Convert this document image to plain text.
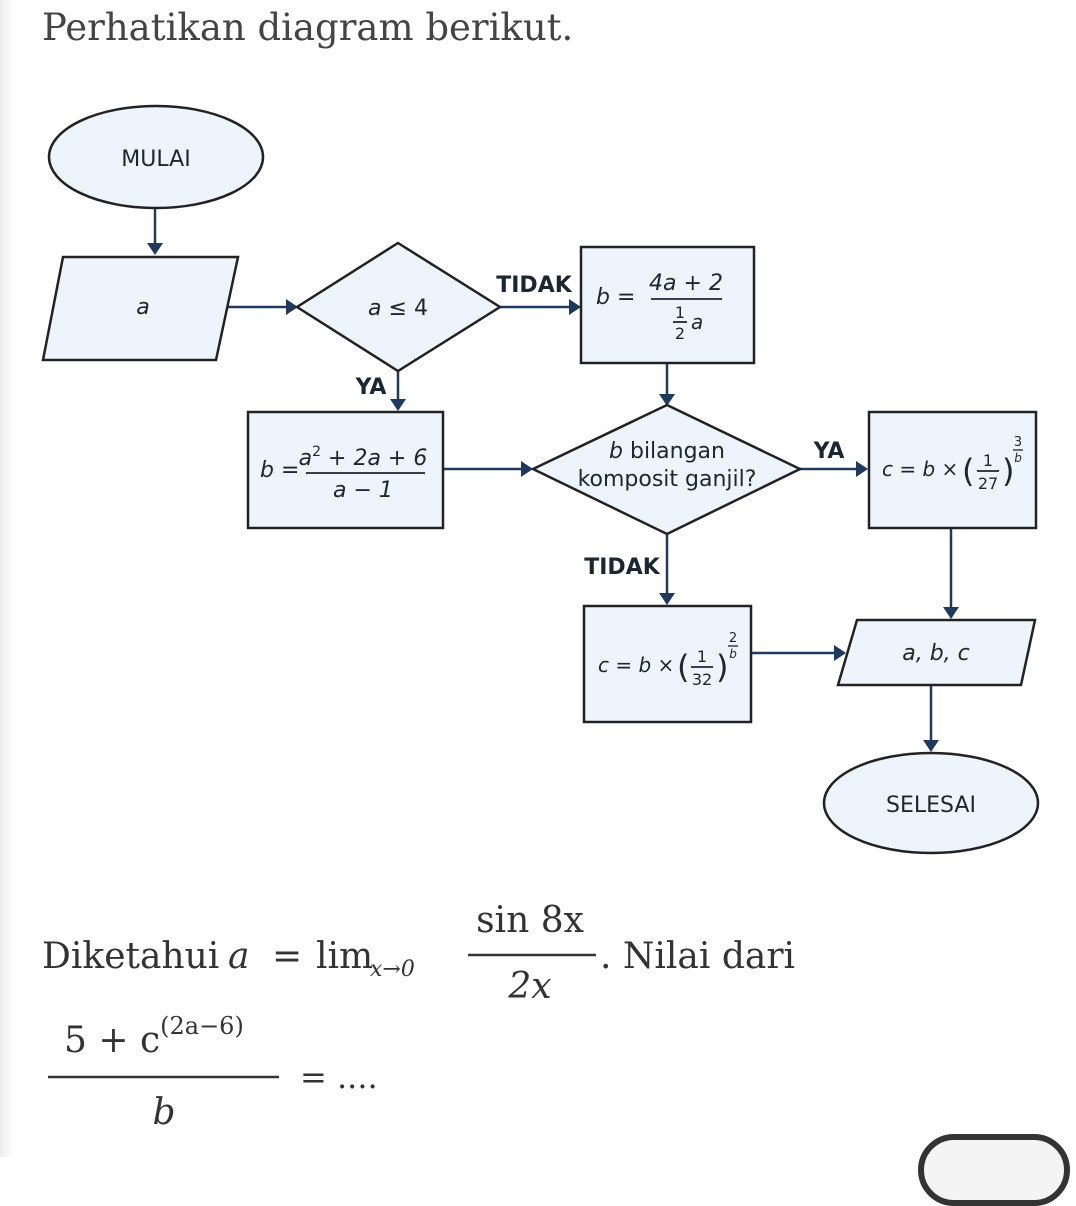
Perhatikan diagram berikut.
MULAI
a	a ≤ 4
TIDAK
YA
b =
4a + 2
1
2 a
$b = a^2 + 2a + 6$
a − 1
b bilangan
komposit ganjil?
YA
TIDAK
c = b × ( 1
27 )
3
b
c = b × ( 1
32 )
2
b	a, b, c
SELESAI
Diketahui a = lim
x→0
sin 8x
2x
. Nilai dari
$5 + c^{(2a-6)}$
b
= ....
